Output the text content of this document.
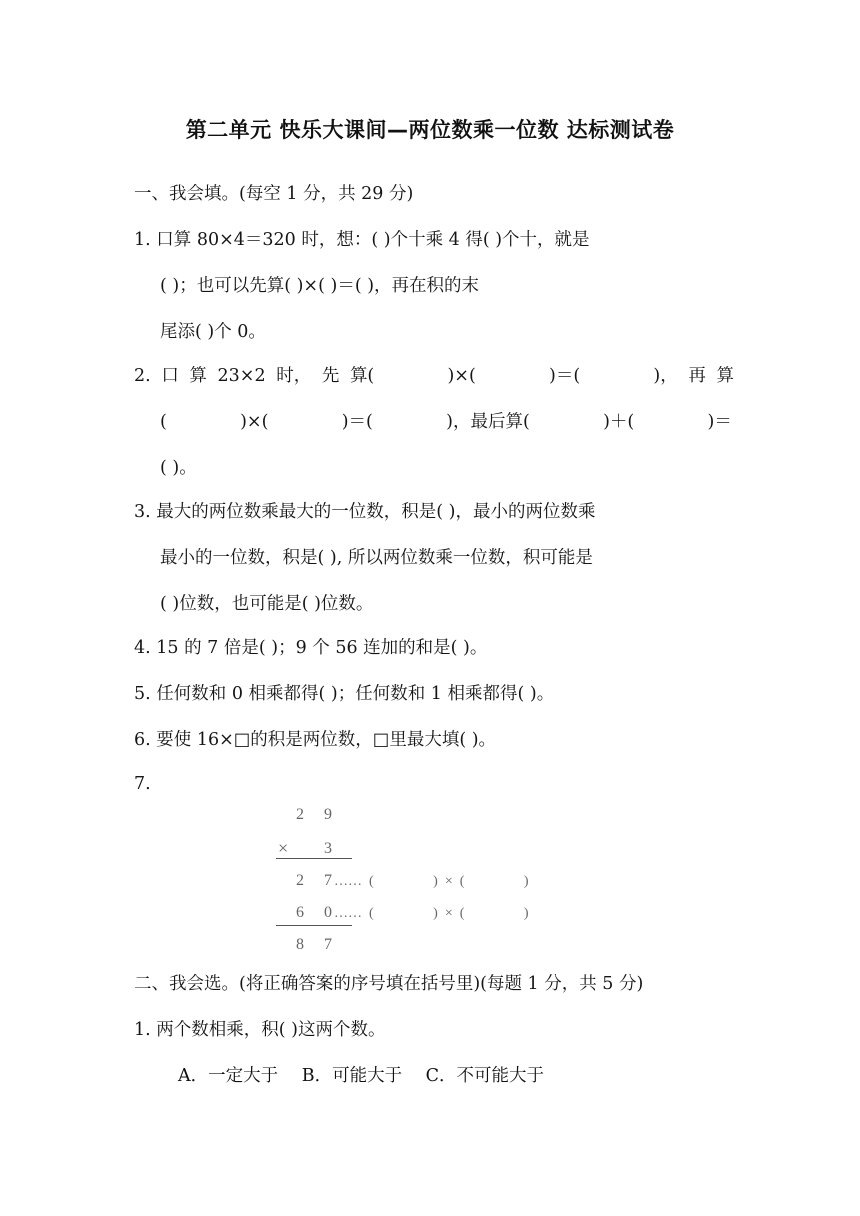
第二单元 快乐大课间—两位数乘一位数 达标测试卷
一、我会填。(每空 1 分，共 29 分)
1. 口算 80×4＝320 时，想：( )个十乘 4 得( )个十，就是
( )；也可以先算( )×( )＝( )，再在积的末
尾添( )个 0。
2. 口 算 23×2 时， 先 算(	)×(	)＝(	)， 再 算
(	)×(	)＝(	)，最后算(	)＋(	)＝
( )。
3. 最大的两位数乘最大的一位数，积是( )，最小的两位数乘
最小的一位数，积是( ), 所以两位数乘一位数，积可能是
( )位数，也可能是( )位数。
4. 15 的 7 倍是( )；9 个 56 连加的和是( )。
5. 任何数和 0 相乘都得( )；任何数和 1 相乘都得( )。
6. 要使 16×□的积是两位数，□里最大填( )。
7.
2 9
× 3
2 7 ……  (                 )  ×  (                 )
6 0 ……  (                 )  ×  (                 )
8 7
二、我会选。(将正确答案的序号填在括号里)(每题 1 分，共 5 分)
1. 两个数相乘，积( )这两个数。
A．一定大于 B．可能大于 C．不可能大于
